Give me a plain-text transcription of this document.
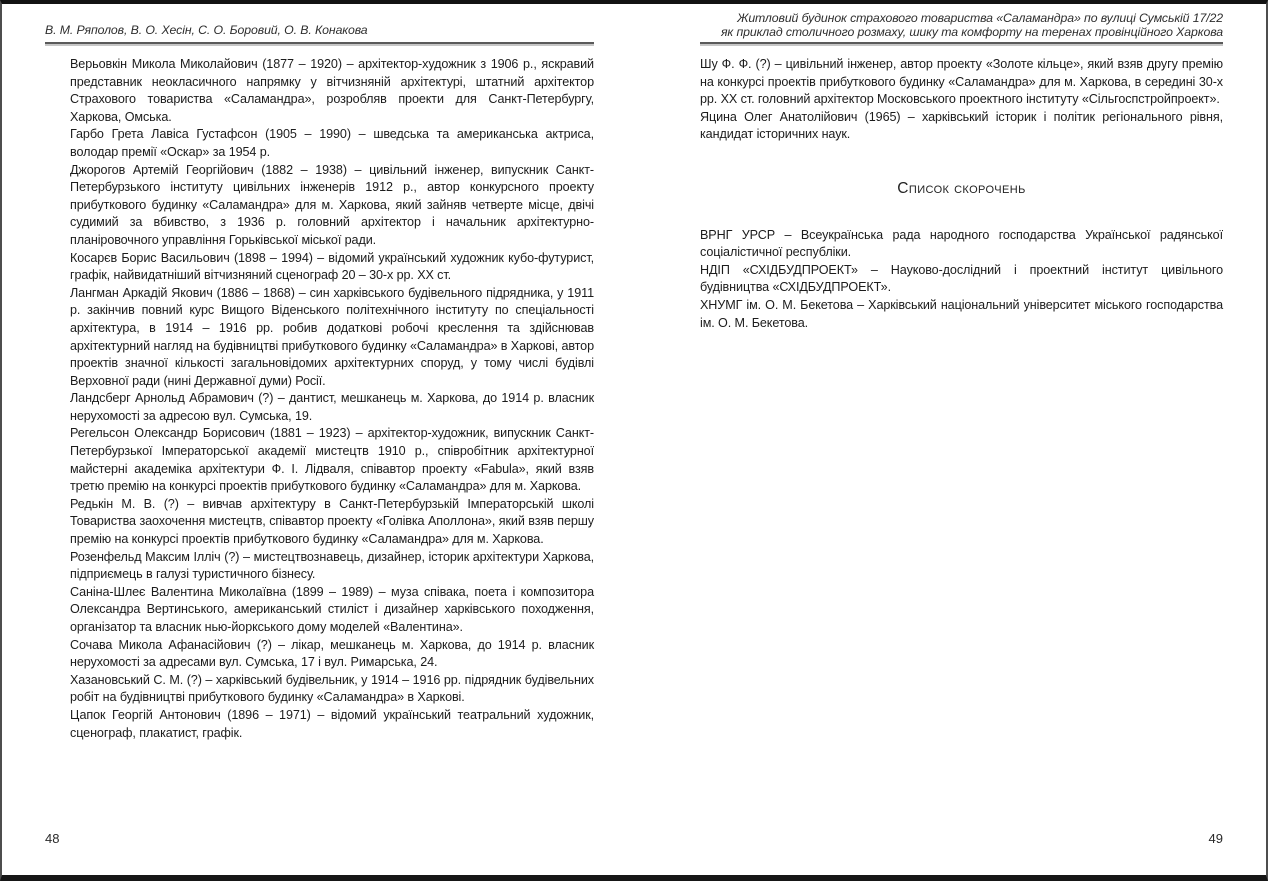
В. М. Ряполов, В. О. Хесін, С. О. Боровий, О. В. Конакова

Верьовкін Микола Миколайович (1877 – 1920) – архітектор-художник з 1906 р., яскравий представник неокласичного напрямку у вітчизняній архітектурі, штатний архітектор Страхового товариства «Саламандра», розробляв проекти для Санкт-Петербургу, Харкова, Омська.

Гарбо Грета Лавіса Густафсон (1905 – 1990) – шведська та американська актриса, володар премії «Оскар» за 1954 р.

Джорогов Артемій Георгійович (1882 – 1938) – цивільний інженер, випускник Санкт-Петербурзького інституту цивільних інженерів 1912 р., автор конкурсного проекту прибуткового будинку «Саламандра» для м. Харкова, який зайняв четверте місце, двічі судимий за вбивство, з 1936 р. головний архітектор і начальник архітектурно-планіровочного управління Горьківської міської ради.

Косарєв Борис Васильович (1898 – 1994) – відомий український художник кубо-футурист, графік, найвидатніший вітчизняний сценограф 20 – 30-х рр. ХХ ст.

Лангман Аркадій Якович (1886 – 1868) – син харківського будівельного підрядника, у 1911 р. закінчив повний курс Вищого Віденського політехнічного інституту по спеціальності архітектура, в 1914 – 1916 рр. робив додаткові робочі креслення та здійснював архітектурний нагляд на будівництві прибуткового будинку «Саламандра» в Харкові, автор проектів значної кількості загальновідомих архітектурних споруд, у тому числі будівлі Верховної ради (нині Державної думи) Росії.

Ландсберг Арнольд Абрамович (?) – дантист, мешканець м. Харкова, до 1914 р. власник нерухомості за адресою вул. Сумська, 19.

Регельсон Олександр Борисович (1881 – 1923) – архітектор-художник, випускник Санкт-Петербурзької Імператорської академії мистецтв 1910 р., співробітник архітектурної майстерні академіка архітектури Ф. І. Лідваля, співавтор проекту «Fabula», який взяв третю премію на конкурсі проектів прибуткового будинку «Саламандра» для м. Харкова.

Редькін М. В. (?) – вивчав архітектуру в Санкт-Петербурзькій Імператорській школі Товариства заохочення мистецтв, співавтор проекту «Голівка Аполлона», який взяв першу премію на конкурсі проектів прибуткового будинку «Саламандра» для м. Харкова.

Розенфельд Максим Ілліч (?) – мистецтвознавець, дизайнер, історик архітектури Харкова, підприємець в галузі туристичного бізнесу.

Саніна-Шлеє Валентина Миколаївна (1899 – 1989) – муза співака, поета і композитора Олександра Вертинського, американський стиліст і дизайнер харківського походження, організатор та власник нью-йоркського дому моделей «Валентина».

Сочава Микола Афанасійович (?) – лікар, мешканець м. Харкова, до 1914 р. власник нерухомості за адресами вул. Сумська, 17 і вул. Римарська, 24.

Хазановський С. М. (?) – харківський будівельник, у 1914 – 1916 рр. підрядник будівельних робіт на будівництві прибуткового будинку «Саламандра» в Харкові.

Цапок Георгій Антонович (1896 – 1971) – відомий український театральний художник, сценограф, плакатист, графік.

48
Житловий будинок страхового товариства «Саламандра» по вулиці Сумській 17/22
як приклад столичного розмаху, шику та комфорту на теренах провінційного Харкова

Шу Ф. Ф. (?) – цивільний інженер, автор проекту «Золоте кільце», який взяв другу премію на конкурсі проектів прибуткового будинку «Саламандра» для м. Харкова, в середині 30-х рр. ХХ ст. головний архітектор Московського проектного інституту «Сільгоспстройпроект».

Яцина Олег Анатолійович (1965) – харківський історик і політик регіонального рівня, кандидат історичних наук.

Список скорочень

ВРНГ УРСР – Всеукраїнська рада народного господарства Української радянської соціалістичної республіки.

НДІП «СХІДБУДПРОЕКТ» – Науково-дослідний і проектний інститут цивільного будівництва «СХІДБУДПРОЕКТ».

ХНУМГ ім. О. М. Бекетова – Харківський національний університет міського господарства ім. О. М. Бекетова.

49
